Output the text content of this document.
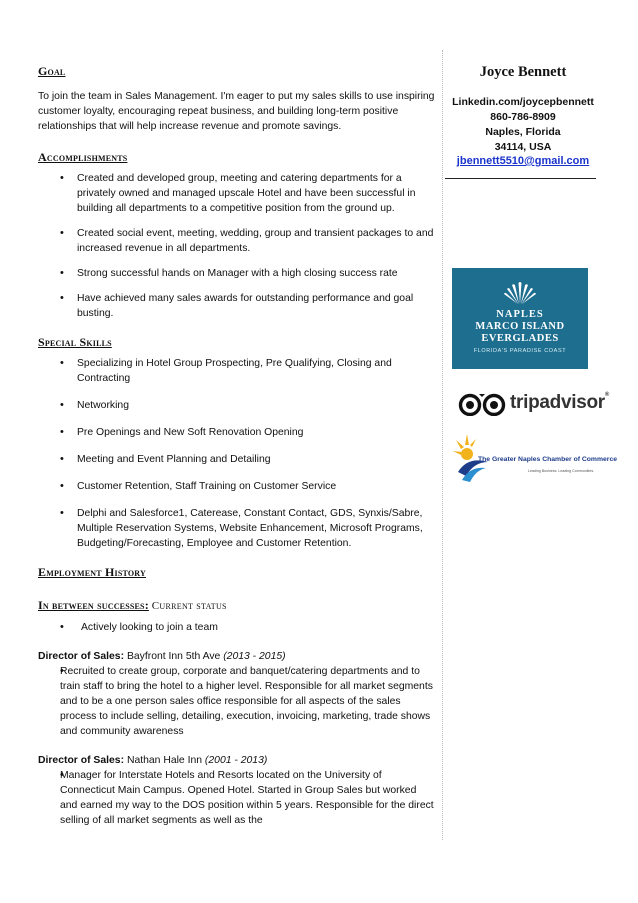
Goal

To join the team in Sales Management. I'm eager to put my sales skills to use inspiring customer loyalty, encouraging repeat business, and building long-term positive relationships that will help increase revenue and promote savings.

Accomplishments
• Created and developed group, meeting and catering departments for a privately owned and managed upscale Hotel and have been successful in building all departments to a competitive position from the ground up.
• Created social event, meeting, wedding, group and transient packages to and increased revenue in all departments.
• Strong successful hands on Manager with a high closing success rate
• Have achieved many sales awards for outstanding performance and goal busting.
Special Skills
• Specializing in Hotel Group Prospecting, Pre Qualifying, Closing and Contracting
• Networking
• Pre Openings and New Soft Renovation Opening
• Meeting and Event Planning and Detailing
• Customer Retention, Staff Training on Customer Service
• Delphi and Salesforce1, Caterease, Constant Contact, GDS, Synxis/Sabre, Multiple Reservation Systems, Website Enhancement, Microsoft Programs, Budgeting/Forecasting, Employee and Customer Retention.
Employment History
In between successes: Current status
• Actively looking to join a team

Director of Sales: Bayfront Inn 5th Ave (2013 - 2015)

• Recruited to create group, corporate and banquet/catering departments and to train staff to bring the hotel to a higher level. Responsible for all market segments and to be a one person sales office responsible for all aspects of the sales process to include selling, detailing, execution, invoicing, marketing, trade shows and community awareness

Director of Sales: Nathan Hale Inn (2001 - 2013)

• Manager for Interstate Hotels and Resorts located on the University of Connecticut Main Campus. Opened Hotel. Started in Group Sales but worked and earned my way to the DOS position within 5 years. Responsible for the direct selling of all market segments as well as the
Joyce Bennett
Linkedin.com/joycepbennett
860-786-8909
Naples, Florida
34114, USA
jbennett5510@gmail.com
NAPLES
MARCO ISLAND
EVERGLADES
FLORIDA'S PARADISE COAST
tripadvisor®
The Greater Naples Chamber of Commerce
Leading Business. Leading Communities.
